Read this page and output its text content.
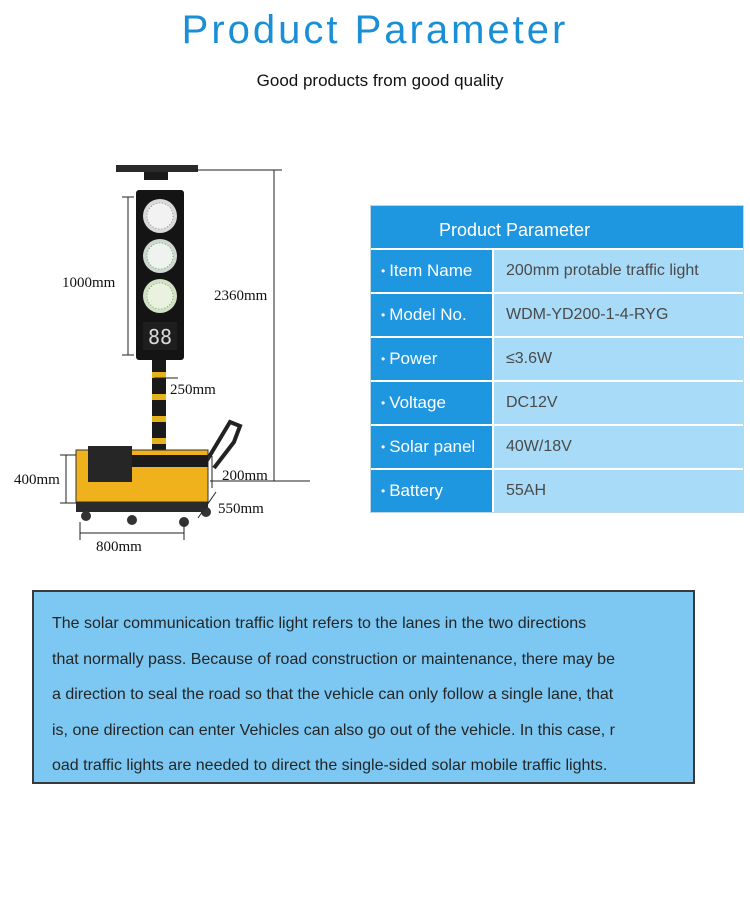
Product Parameter
Good products from good quality
88
1000mm
2360mm
250mm
400mm	200mm
550mm
800mm
Product Parameter
• Item Name	200mm protable traffic light
• Model No.	WDM-YD200-1-4-RYG
• Power	≤3.6W
• Voltage	DC12V
• Solar panel	40W/18V
• Battery	55AH

The solar communication traffic light refers to the lanes in the two directions

that normally pass. Because of road construction or maintenance, there may be

a direction to seal the road so that the vehicle can only follow a single lane, that

is, one direction can enter Vehicles can also go out of the vehicle. In this case, r

oad traffic lights are needed to direct the single-sided solar mobile traffic lights.
